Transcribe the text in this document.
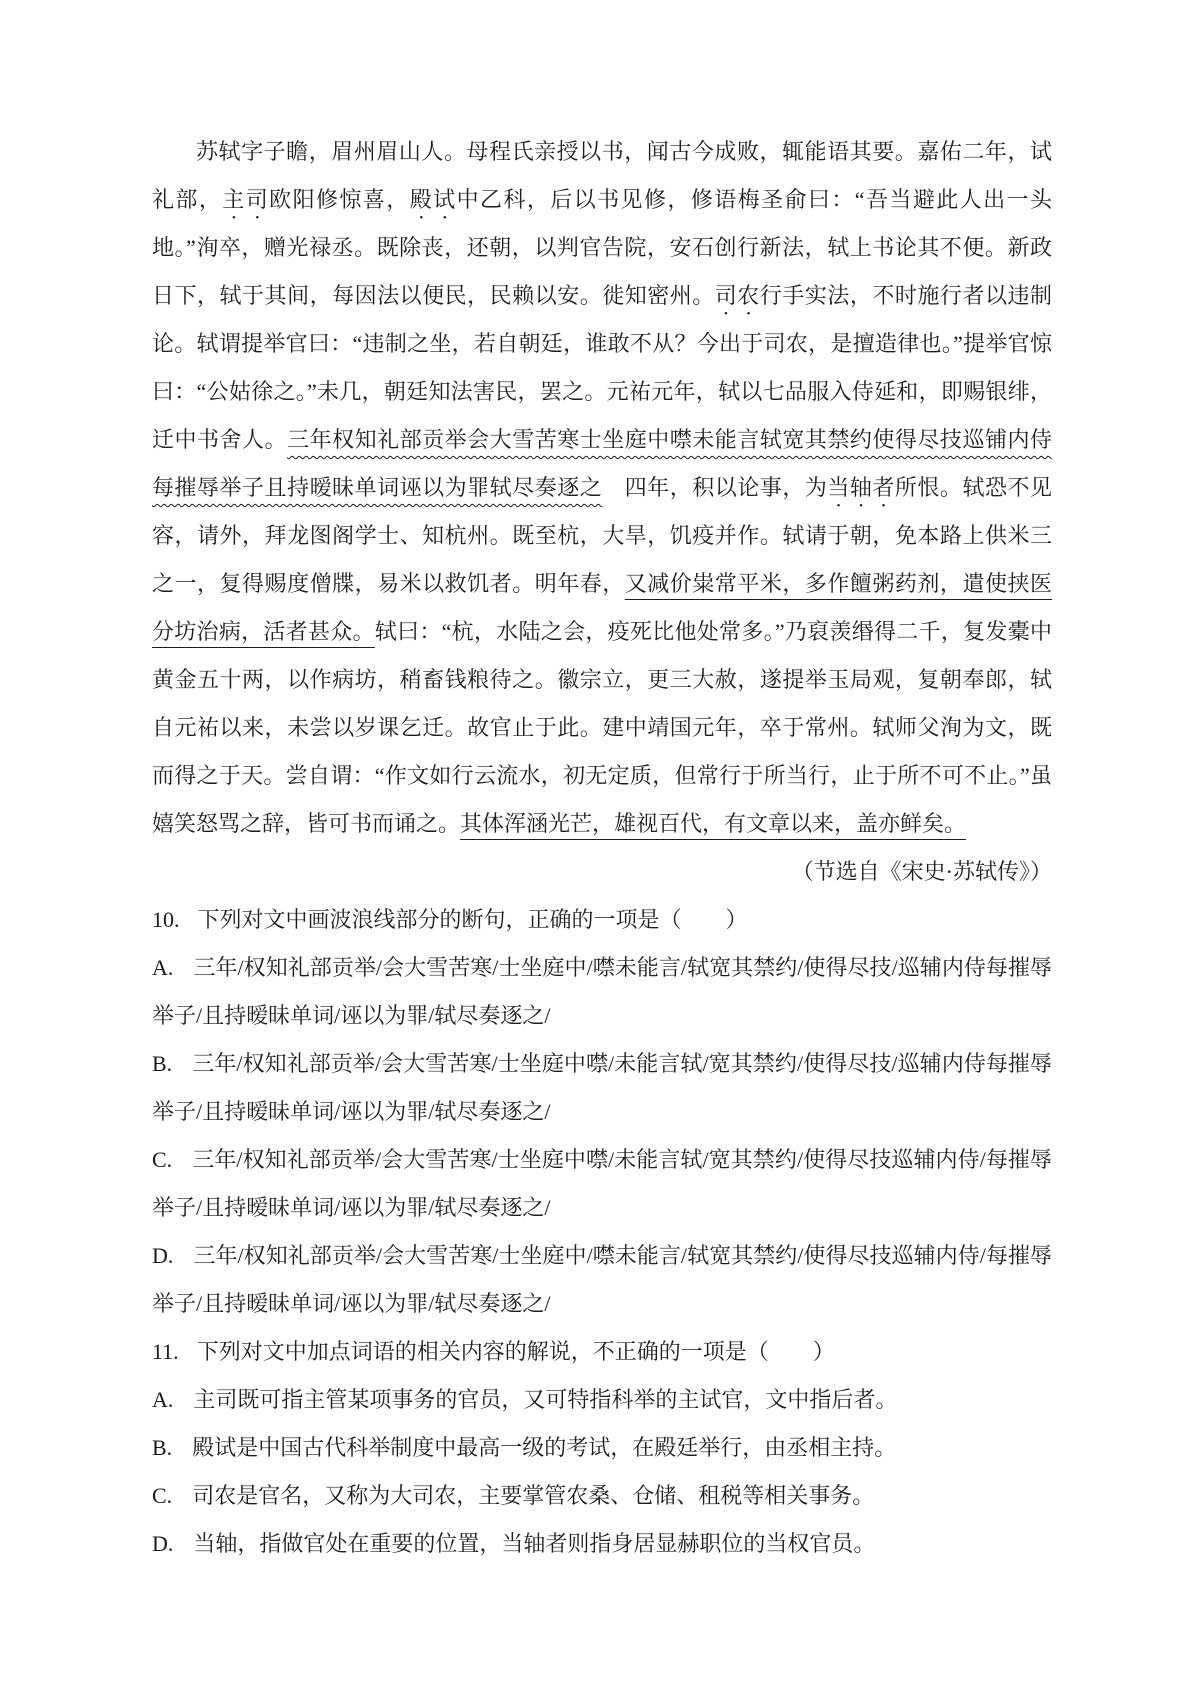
苏轼字子瞻，眉州眉山人。母程氏亲授以书，闻古今成败，辄能语其要。嘉佑二年，试礼部，主司欧阳修惊喜，殿试中乙科，后以书见修，修语梅圣俞曰：“吾当避此人出一头地。”洵卒，赠光禄丞。既除丧，还朝，以判官告院，安石创行新法，轼上书论其不便。新政日下，轼于其间，每因法以便民，民赖以安。徙知密州。司农行手实法，不时施行者以违制论。轼谓提举官曰：“违制之坐，若自朝廷，谁敢不从？今出于司农，是擅造律也。”提举官惊曰：“公姑徐之。”未几，朝廷知法害民，罢之。元祐元年，轼以七品服入侍延和，即赐银绯，迁中书舍人。三年权知礼部贡举会大雪苦寒士坐庭中噤未能言轼宽其禁约使得尽技巡铺内侍每摧辱举子且持暧昧单词诬以为罪轼尽奏逐之　四年，积以论事，为当轴者所恨。轼恐不见容，请外，拜龙图阁学士、知杭州。既至杭，大旱，饥疫并作。轼请于朝，免本路上供米三之一，复得赐度僧牒，易米以救饥者。明年春，又减价粜常平米，多作饘粥药剂，遣使挟医分坊治病，活者甚众。轼曰：“杭，水陆之会，疫死比他处常多。”乃裒羡缗得二千，复发橐中黄金五十两，以作病坊，稍畜钱粮待之。徽宗立，更三大赦，遂提举玉局观，复朝奉郎，轼自元祐以来，未尝以岁课乞迁。故官止于此。建中靖国元年，卒于常州。轼师父洵为文，既而得之于天。尝自谓：“作文如行云流水，初无定质，但常行于所当行，止于所不可不止。”虽嬉笑怒骂之辞，皆可书而诵之。其体浑涵光芒，雄视百代，有文章以来，盖亦鲜矣。

（节选自《宋史·苏轼传》）

10. 下列对文中画波浪线部分的断句，正确的一项是（　　）

A. 三年/权知礼部贡举/会大雪苦寒/士坐庭中/噤未能言/轼宽其禁约/使得尽技/巡辅内侍每摧辱举子/且持暧昧单词/诬以为罪/轼尽奏逐之/

B. 三年/权知礼部贡举/会大雪苦寒/士坐庭中噤/未能言轼/宽其禁约/使得尽技/巡辅内侍每摧辱举子/且持暧昧单词/诬以为罪/轼尽奏逐之/

C. 三年/权知礼部贡举/会大雪苦寒/士坐庭中噤/未能言轼/宽其禁约/使得尽技巡辅内侍/每摧辱举子/且持暧昧单词/诬以为罪/轼尽奏逐之/

D. 三年/权知礼部贡举/会大雪苦寒/士坐庭中/噤未能言/轼宽其禁约/使得尽技巡辅内侍/每摧辱举子/且持暧昧单词/诬以为罪/轼尽奏逐之/

11. 下列对文中加点词语的相关内容的解说，不正确的一项是（　　）

A. 主司既可指主管某项事务的官员，又可特指科举的主试官，文中指后者。

B. 殿试是中国古代科举制度中最高一级的考试，在殿廷举行，由丞相主持。

C. 司农是官名，又称为大司农，主要掌管农桑、仓储、租税等相关事务。

D. 当轴，指做官处在重要的位置，当轴者则指身居显赫职位的当权官员。
